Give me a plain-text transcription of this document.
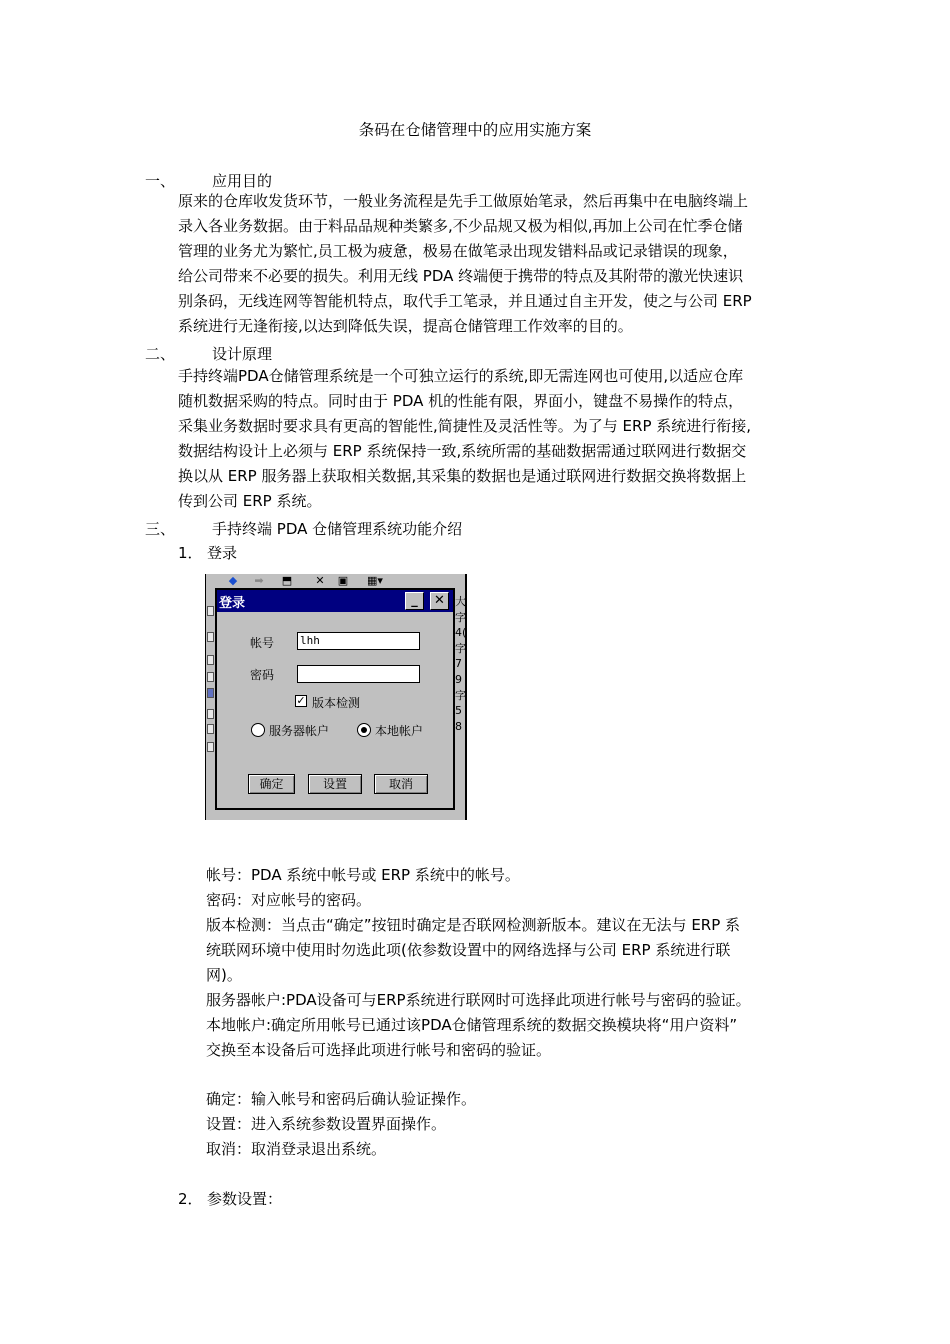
条码在仓储管理中的应用实施方案
一、 应用目的
原来的仓库收发货环节，一般业务流程是先手工做原始笔录，然后再集中在电脑终端上
录入各业务数据。由于料品品规种类繁多,不少品规又极为相似,再加上公司在忙季仓储
管理的业务尤为繁忙,员工极为疲惫，极易在做笔录出现发错料品或记录错误的现象，
给公司带来不必要的损失。利用无线 PDA 终端便于携带的特点及其附带的激光快速识
别条码，无线连网等智能机特点，取代手工笔录，并且通过自主开发，使之与公司 ERP
系统进行无逢衔接,以达到降低失误，提高仓储管理工作效率的目的。
二、 设计原理
手持终端PDA仓储管理系统是一个可独立运行的系统,即无需连网也可使用,以适应仓库
随机数据采购的特点。同时由于 PDA 机的性能有限，界面小，键盘不易操作的特点，
采集业务数据时要求具有更高的智能性,简捷性及灵活性等。为了与 ERP 系统进行衔接,
数据结构设计上必须与 ERP 系统保持一致,系统所需的基础数据需通过联网进行数据交
换以从 ERP 服务器上获取相关数据,其采集的数据也是通过联网进行数据交换将数据上
传到公司 ERP 系统。
三、 手持终端 PDA 仓储管理系统功能介绍
1． 登录
◆	➡	⬒	✕	▣	▦▾
大
字
4(
字
7
9
字
5
8
登录	_	✕
帐号 lhh
密码
✓ 版本检测
服务器帐户	本地帐户
确定	设置	取消
帐号：PDA 系统中帐号或 ERP 系统中的帐号。
密码：对应帐号的密码。
版本检测：当点击“确定”按钮时确定是否联网检测新版本。建议在无法与 ERP 系
统联网环境中使用时勿选此项(依参数设置中的网络选择与公司 ERP 系统进行联
网)。
服务器帐户:PDA设备可与ERP系统进行联网时可选择此项进行帐号与密码的验证。
本地帐户:确定所用帐号已通过该PDA仓储管理系统的数据交换模块将“用户资料”
交换至本设备后可选择此项进行帐号和密码的验证。
确定：输入帐号和密码后确认验证操作。
设置：进入系统参数设置界面操作。
取消：取消登录退出系统。
2． 参数设置：
